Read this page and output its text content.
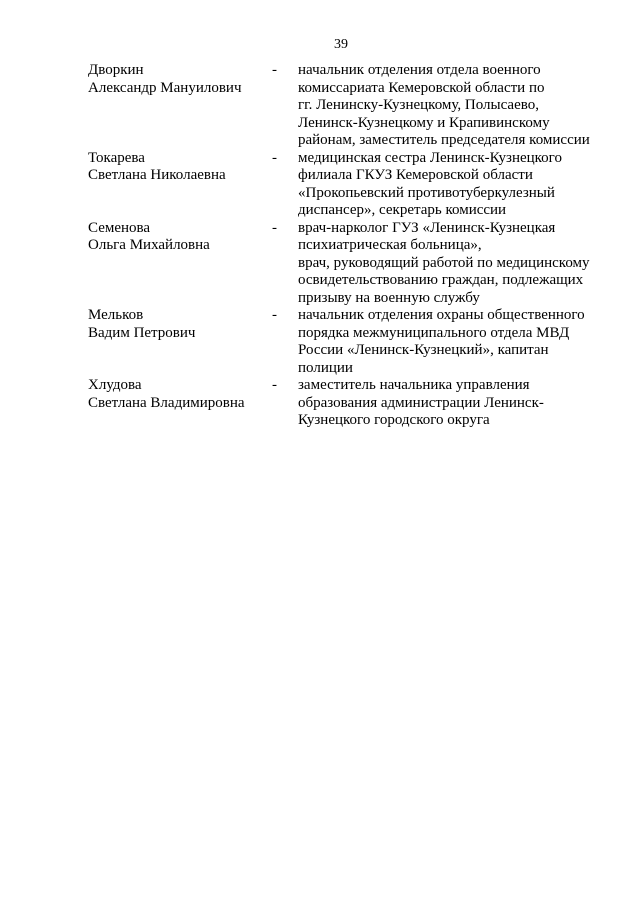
39
Дворкин
Александр Мануилович
-	начальник отделения отдела военного
комиссариата Кемеровской области по
гг. Ленинску-Кузнецкому, Полысаево,
Ленинск-Кузнецкому и Крапивинскому
районам, заместитель председателя комиссии
Токарева
Светлана Николаевна
-	медицинская сестра Ленинск-Кузнецкого
филиала ГКУЗ Кемеровской области
«Прокопьевский противотуберкулезный
диспансер», секретарь комиссии
Семенова
Ольга Михайловна
-	врач-нарколог ГУЗ «Ленинск-Кузнецкая
психиатрическая больница»,
врач, руководящий работой по медицинскому
освидетельствованию граждан, подлежащих
призыву на военную службу
Мельков
Вадим Петрович
-	начальник отделения охраны общественного
порядка межмуниципального отдела МВД
России «Ленинск-Кузнецкий», капитан
полиции
Хлудова
Светлана Владимировна
-	заместитель начальника управления
образования администрации Ленинск-
Кузнецкого городского округа
